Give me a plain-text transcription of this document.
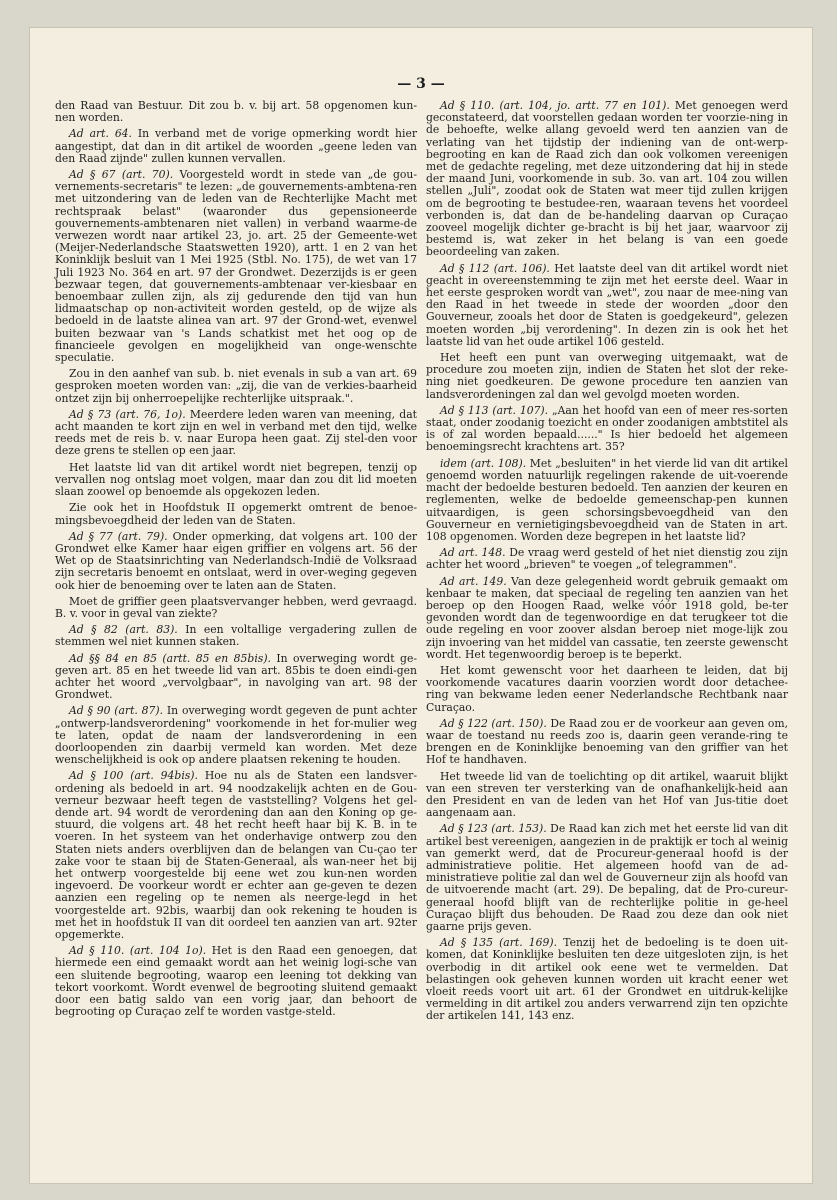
— 3 —

den Raad van Bestuur. Dit zou b. v. bij art. 58 opgenomen kun-nen worden.

Ad art. 64. In verband met de vorige opmerking wordt hier aangestipt, dat dan in dit artikel de woorden „geene leden van den Raad zijnde" zullen kunnen vervallen.

Ad § 67 (art. 70). Voorgesteld wordt in stede van „de gou-vernements-secretaris" te lezen: „de gouvernements-ambtena-ren met uitzondering van de leden van de Rechterlijke Macht met rechtspraak belast" (waaronder dus gepensioneerde gouvernements-ambtenaren niet vallen) in verband waarme-de verwezen wordt naar artikel 23, jo. art. 25 der Gemeente-wet (Meijer-Nederlandsche Staatswetten 1920), artt. 1 en 2 van het Koninklijk besluit van 1 Mei 1925 (Stbl. No. 175), de wet van 17 Juli 1923 No. 364 en art. 97 der Grondwet. Dezerzijds is er geen bezwaar tegen, dat gouvernements-ambtenaar ver-kiesbaar en benoembaar zullen zijn, als zij gedurende den tijd van hun lidmaatschap op non-activiteit worden gesteld, op de wijze als bedoeld in de laatste alinea van art. 97 der Grond-wet, evenwel buiten bezwaar van 's Lands schatkist met het oog op de financieele gevolgen en mogelijkheid van onge-wenschte speculatie.

Zou in den aanhef van sub. b. niet evenals in sub a van art. 69 gesproken moeten worden van: „zij, die van de verkies-baarheid ontzet zijn bij onherroepelijke rechterlijke uitspraak.".

Ad § 73 (art. 76, 1o). Meerdere leden waren van meening, dat acht maanden te kort zijn en wel in verband met den tijd, welke reeds met de reis b. v. naar Europa heen gaat. Zij stel-den voor deze grens te stellen op een jaar.

Het laatste lid van dit artikel wordt niet begrepen, tenzij op vervallen nog ontslag moet volgen, maar dan zou dit lid moeten slaan zoowel op benoemde als opgekozen leden.

Zie ook het in Hoofdstuk II opgemerkt omtrent de benoe-mingsbevoegdheid der leden van de Staten.

Ad § 77 (art. 79). Onder opmerking, dat volgens art. 100 der Grondwet elke Kamer haar eigen griffier en volgens art. 56 der Wet op de Staatsinrichting van Nederlandsch-Indië de Volksraad zijn secretaris benoemt en ontslaat, werd in over-weging gegeven ook hier de benoeming over te laten aan de Staten.

Moet de griffier geen plaatsvervanger hebben, werd gevraagd. B. v. voor in geval van ziekte?

Ad § 82 (art. 83). In een voltallige vergadering zullen de stemmen wel niet kunnen staken.

Ad §§ 84 en 85 (artt. 85 en 85bis). In overweging wordt ge-geven art. 85 en het tweede lid van art. 85bis te doen eindi-gen achter het woord „vervolgbaar", in navolging van art. 98 der Grondwet.

Ad § 90 (art. 87). In overweging wordt gegeven de punt achter „ontwerp-landsverordening" voorkomende in het for-mulier weg te laten, opdat de naam der landsverordening in een doorloopenden zin daarbij vermeld kan worden. Met deze wenschelijkheid is ook op andere plaatsen rekening te houden.

Ad § 100 (art. 94bis). Hoe nu als de Staten een landsver-ordening als bedoeld in art. 94 noodzakelijk achten en de Gou-verneur bezwaar heeft tegen de vaststelling? Volgens het gel-dende art. 94 wordt de verordening dan aan den Koning op ge-stuurd, die volgens art. 48 het recht heeft haar bij K. B. in te voeren. In het systeem van het onderhavige ontwerp zou den Staten niets anders overblijven dan de belangen van Cu-çao ter zake voor te staan bij de Staten-Generaal, als wan-neer het bij het ontwerp voorgestelde bij eene wet zou kun-nen worden ingevoerd. De voorkeur wordt er echter aan ge-geven te dezen aanzien een regeling op te nemen als neerge-legd in het voorgestelde art. 92bis, waarbij dan ook rekening te houden is met het in hoofdstuk II van dit oordeel ten aanzien van art. 92ter opgemerkte.

Ad § 110. (art. 104 1o). Het is den Raad een genoegen, dat hiermede een eind gemaakt wordt aan het weinig logi-sche van een sluitende begrooting, waarop een leening tot dekking van tekort voorkomt. Wordt evenwel de begrooting sluitend gemaakt door een batig saldo van een vorig jaar, dan behoort de begrooting op Curaçao zelf te worden vastge-steld.

Ad § 110. (art. 104, jo. artt. 77 en 101). Met genoegen werd geconstateerd, dat voorstellen gedaan worden ter voorzie-ning in de behoefte, welke allang gevoeld werd ten aanzien van de verlating van het tijdstip der indiening van de ont-werp-begrooting en kan de Raad zich dan ook volkomen vereenigen met de gedachte regeling, met deze uitzondering dat hij in stede der maand Juni, voorkomende in sub. 3o. van art. 104 zou willen stellen „Juli", zoodat ook de Staten wat meer tijd zullen krijgen om de begrooting te bestudee-ren, waaraan tevens het voordeel verbonden is, dat dan de be-handeling daarvan op Curaçao zooveel mogelijk dichter ge-bracht is bij het jaar, waarvoor zij bestemd is, wat zeker in het belang is van een goede beoordeeling van zaken.

Ad § 112 (art. 106). Het laatste deel van dit artikel wordt niet geacht in overeenstemming te zijn met het eerste deel. Waar in het eerste gesproken wordt van „wet", zou naar de mee-ning van den Raad in het tweede in stede der woorden „door den Gouverneur, zooals het door de Staten is goedgekeurd", gelezen moeten worden „bij verordening". In dezen zin is ook het het laatste lid van het oude artikel 106 gesteld.

Het heeft een punt van overweging uitgemaakt, wat de procedure zou moeten zijn, indien de Staten het slot der reke-ning niet goedkeuren. De gewone procedure ten aanzien van landsverordeningen zal dan wel gevolgd moeten worden.

Ad § 113 (art. 107). „Aan het hoofd van een of meer res-sorten staat, onder zoodanig toezicht en onder zoodanigen ambtstitel als is of zal worden bepaald......" Is hier bedoeld het algemeen benoemingsrecht krachtens art. 35?

idem (art. 108). Met „besluiten" in het vierde lid van dit artikel genoemd worden natuurlijk regelingen rakende de uit-voerende macht der bedoelde besturen bedoeld. Ten aanzien der keuren en reglementen, welke de bedoelde gemeenschap-pen kunnen uitvaardigen, is geen schorsingsbevoegdheid van den Gouverneur en vernietigingsbevoegdheid van de Staten in art. 108 opgenomen. Worden deze begrepen in het laatste lid?

Ad art. 148. De vraag werd gesteld of het niet dienstig zou zijn achter het woord „brieven" te voegen „of telegrammen".

Ad art. 149. Van deze gelegenheid wordt gebruik gemaakt om kenbaar te maken, dat speciaal de regeling ten aanzien van het beroep op den Hoogen Raad, welke vóór 1918 gold, be-ter gevonden wordt dan de tegenwoordige en dat terugkeer tot die oude regeling en voor zoover alsdan beroep niet moge-lijk zou zijn invoering van het middel van cassatie, ten zeerste gewenscht wordt. Het tegenwoordig beroep is te beperkt.

Het komt gewenscht voor het daarheen te leiden, dat bij voorkomende vacatures daarin voorzien wordt door detachee-ring van bekwame leden eener Nederlandsche Rechtbank naar Curaçao.

Ad § 122 (art. 150). De Raad zou er de voorkeur aan geven om, waar de toestand nu reeds zoo is, daarin geen verande-ring te brengen en de Koninklijke benoeming van den griffier van het Hof te handhaven.

Het tweede lid van de toelichting op dit artikel, waaruit blijkt van een streven ter versterking van de onafhankelijk-heid aan den President en van de leden van het Hof van Jus-titie doet aangenaam aan.

Ad § 123 (art. 153). De Raad kan zich met het eerste lid van dit artikel best vereenigen, aangezien in de praktijk er toch al weinig van gemerkt werd, dat de Procureur-generaal hoofd is der administratieve politie. Het algemeen hoofd van de ad-ministratieve politie zal dan wel de Gouverneur zijn als hoofd van de uitvoerende macht (art. 29). De bepaling, dat de Pro-cureur-generaal hoofd blijft van de rechterlijke politie in ge-heel Curaçao blijft dus behouden. De Raad zou deze dan ook niet gaarne prijs geven.

Ad § 135 (art. 169). Tenzij het de bedoeling is te doen uit-komen, dat Koninklijke besluiten ten deze uitgesloten zijn, is het overbodig in dit artikel ook eene wet te vermelden. Dat belastingen ook geheven kunnen worden uit kracht eener wet vloeit reeds voort uit art. 61 der Grondwet en uitdruk-kelijke vermelding in dit artikel zou anders verwarrend zijn ten opzichte der artikelen 141, 143 enz.
